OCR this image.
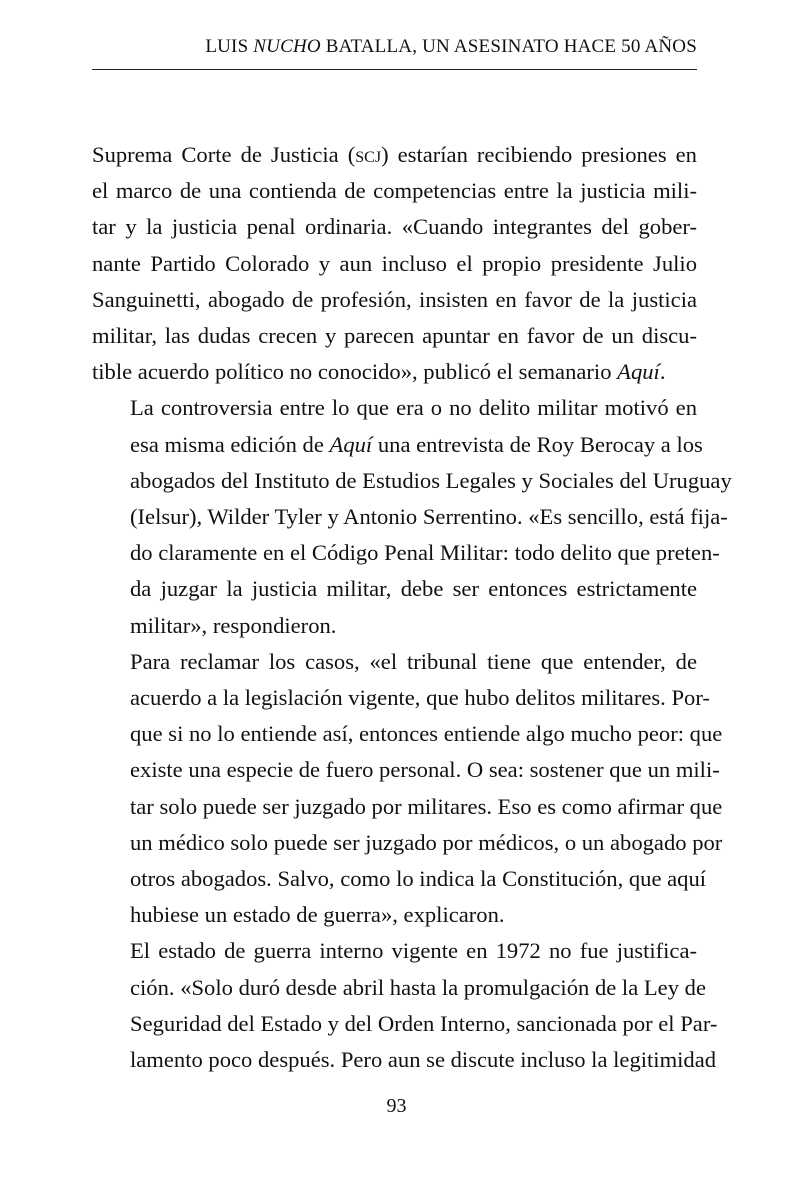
LUIS NUCHO BATALLA, UN ASESINATO HACE 50 AÑOS

Suprema Corte de Justicia (scj) estarían recibiendo presiones en
el marco de una contienda de competencias entre la justicia mili-
tar y la justicia penal ordinaria. «Cuando integrantes del gober-
nante Partido Colorado y aun incluso el propio presidente Julio
Sanguinetti, abogado de profesión, insisten en favor de la justicia
militar, las dudas crecen y parecen apuntar en favor de un discu-
tible acuerdo político no conocido», publicó el semanario Aquí.

La controversia entre lo que era o no delito militar motivó en
esa misma edición de Aquí una entrevista de Roy Berocay a los
abogados del Instituto de Estudios Legales y Sociales del Uruguay
(Ielsur), Wilder Tyler y Antonio Serrentino. «Es sencillo, está fija-
do claramente en el Código Penal Militar: todo delito que preten-
da juzgar la justicia militar, debe ser entonces estrictamente
militar», respondieron.

Para reclamar los casos, «el tribunal tiene que entender, de
acuerdo a la legislación vigente, que hubo delitos militares. Por-
que si no lo entiende así, entonces entiende algo mucho peor: que
existe una especie de fuero personal. O sea: sostener que un mili-
tar solo puede ser juzgado por militares. Eso es como afirmar que
un médico solo puede ser juzgado por médicos, o un abogado por
otros abogados. Salvo, como lo indica la Constitución, que aquí
hubiese un estado de guerra», explicaron.

El estado de guerra interno vigente en 1972 no fue justifica-
ción. «Solo duró desde abril hasta la promulgación de la Ley de
Seguridad del Estado y del Orden Interno, sancionada por el Par-
lamento poco después. Pero aun se discute incluso la legitimidad

93
